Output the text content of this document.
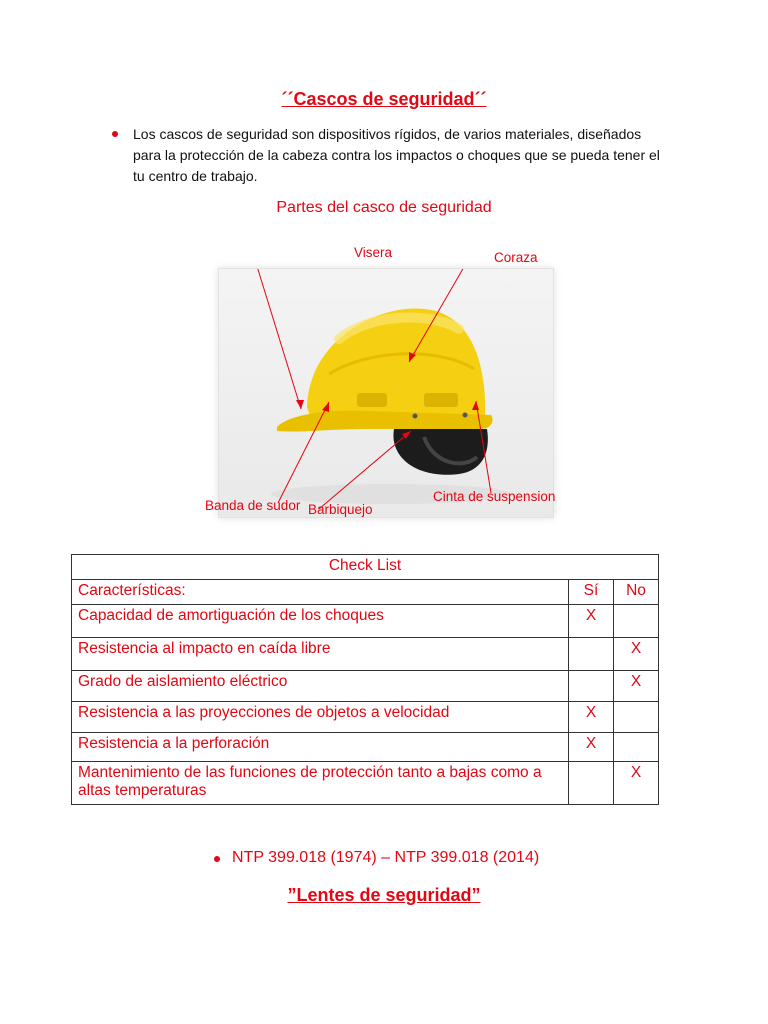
´´Cascos de seguridad´´
Los cascos de seguridad son dispositivos rígidos, de varios materiales, diseñados para la protección de la cabeza contra los impactos o choques que se pueda tener el tu centro de trabajo.
Partes del casco de seguridad
Visera	Coraza
Banda de sudor Barbiquejo
Cinta de suspension
Check List		
Características:	Sí	No
Capacidad de amortiguación de los choques	X	
Resistencia al impacto en caída libre		X
Grado de aislamiento eléctrico		X
Resistencia a las proyecciones de objetos a velocidad	X	
Resistencia a la perforación	X	
Mantenimiento de las funciones de protección tanto a bajas como a altas temperaturas		X
NTP 399.018 (1974) – NTP 399.018 (2014)
”Lentes de seguridad”
